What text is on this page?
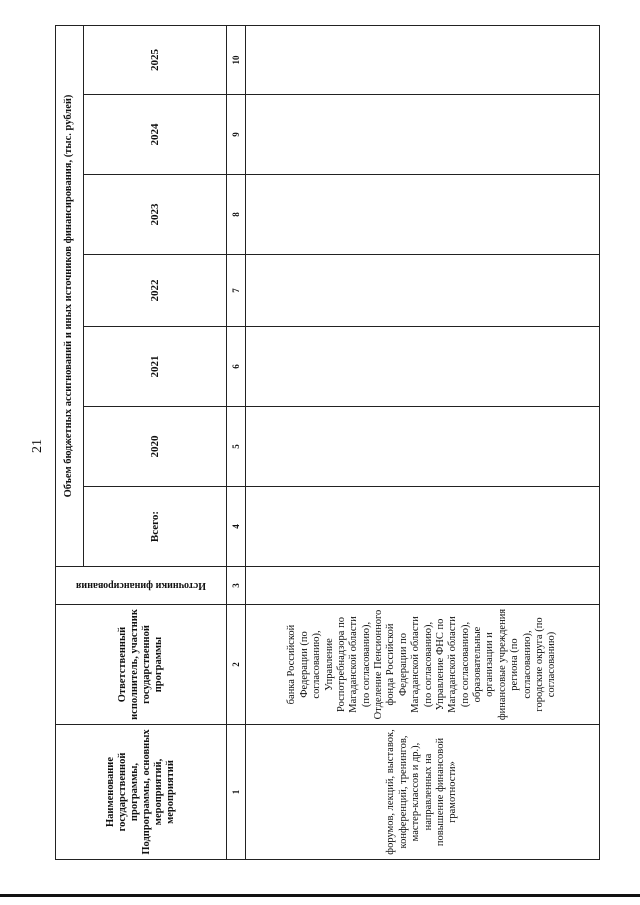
21
Наименование государственной программы, Подпрограммы, основных мероприятий, мероприятий	Ответственный исполнитель, участник государственной программы	Источники финансирования	Объем бюджетных ассигнований и иных источников финансирования, (тыс. рублей)						
			Всего:	2020	2021	2022	2023	2024	2025
1	2	3	4	5	6	7	8	9	10
форумов, лекций, выставок, конференций, тренингов, мастер-классов и др.), направленных на повышение финансовой грамотности»	банка Российской Федерации (по согласованию), Управление Роспотребнадзора по Магаданской области (по согласованию), Отделение Пенсионного фонда Российской Федерации по Магаданской области (по согласованию), Управление ФНС по Магаданской области (по согласованию), образовательные организации и финансовые учреждения региона (по согласованию), городские округа (по согласованию)								
